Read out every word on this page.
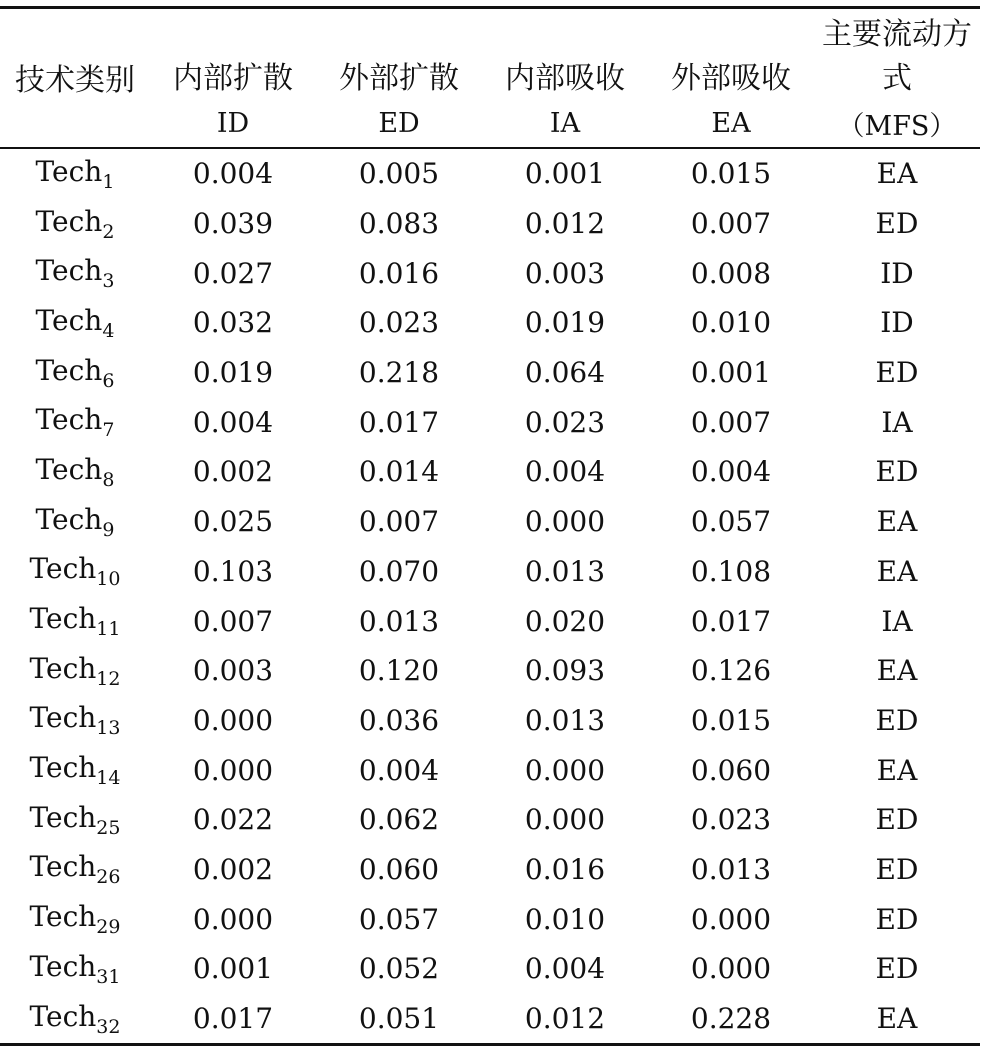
技术类别	内部扩散	外部扩散	内部吸收	外部吸收	主要流动方式
	ID	ED	IA	EA	（MFS）
Tech$_1$	0.004	0.005	0.001	0.015	EA
Tech$_2$	0.039	0.083	0.012	0.007	ED
Tech$_3$	0.027	0.016	0.003	0.008	ID
Tech$_4$	0.032	0.023	0.019	0.010	ID
Tech$_6$	0.019	0.218	0.064	0.001	ED
Tech$_7$	0.004	0.017	0.023	0.007	IA
Tech$_8$	0.002	0.014	0.004	0.004	ED
Tech$_9$	0.025	0.007	0.000	0.057	EA
Tech$_{10}$	0.103	0.070	0.013	0.108	EA
Tech$_{11}$	0.007	0.013	0.020	0.017	IA
Tech$_{12}$	0.003	0.120	0.093	0.126	EA
Tech$_{13}$	0.000	0.036	0.013	0.015	ED
Tech$_{14}$	0.000	0.004	0.000	0.060	EA
Tech$_{25}$	0.022	0.062	0.000	0.023	ED
Tech$_{26}$	0.002	0.060	0.016	0.013	ED
Tech$_{29}$	0.000	0.057	0.010	0.000	ED
Tech$_{31}$	0.001	0.052	0.004	0.000	ED
Tech$_{32}$	0.017	0.051	0.012	0.228	EA
